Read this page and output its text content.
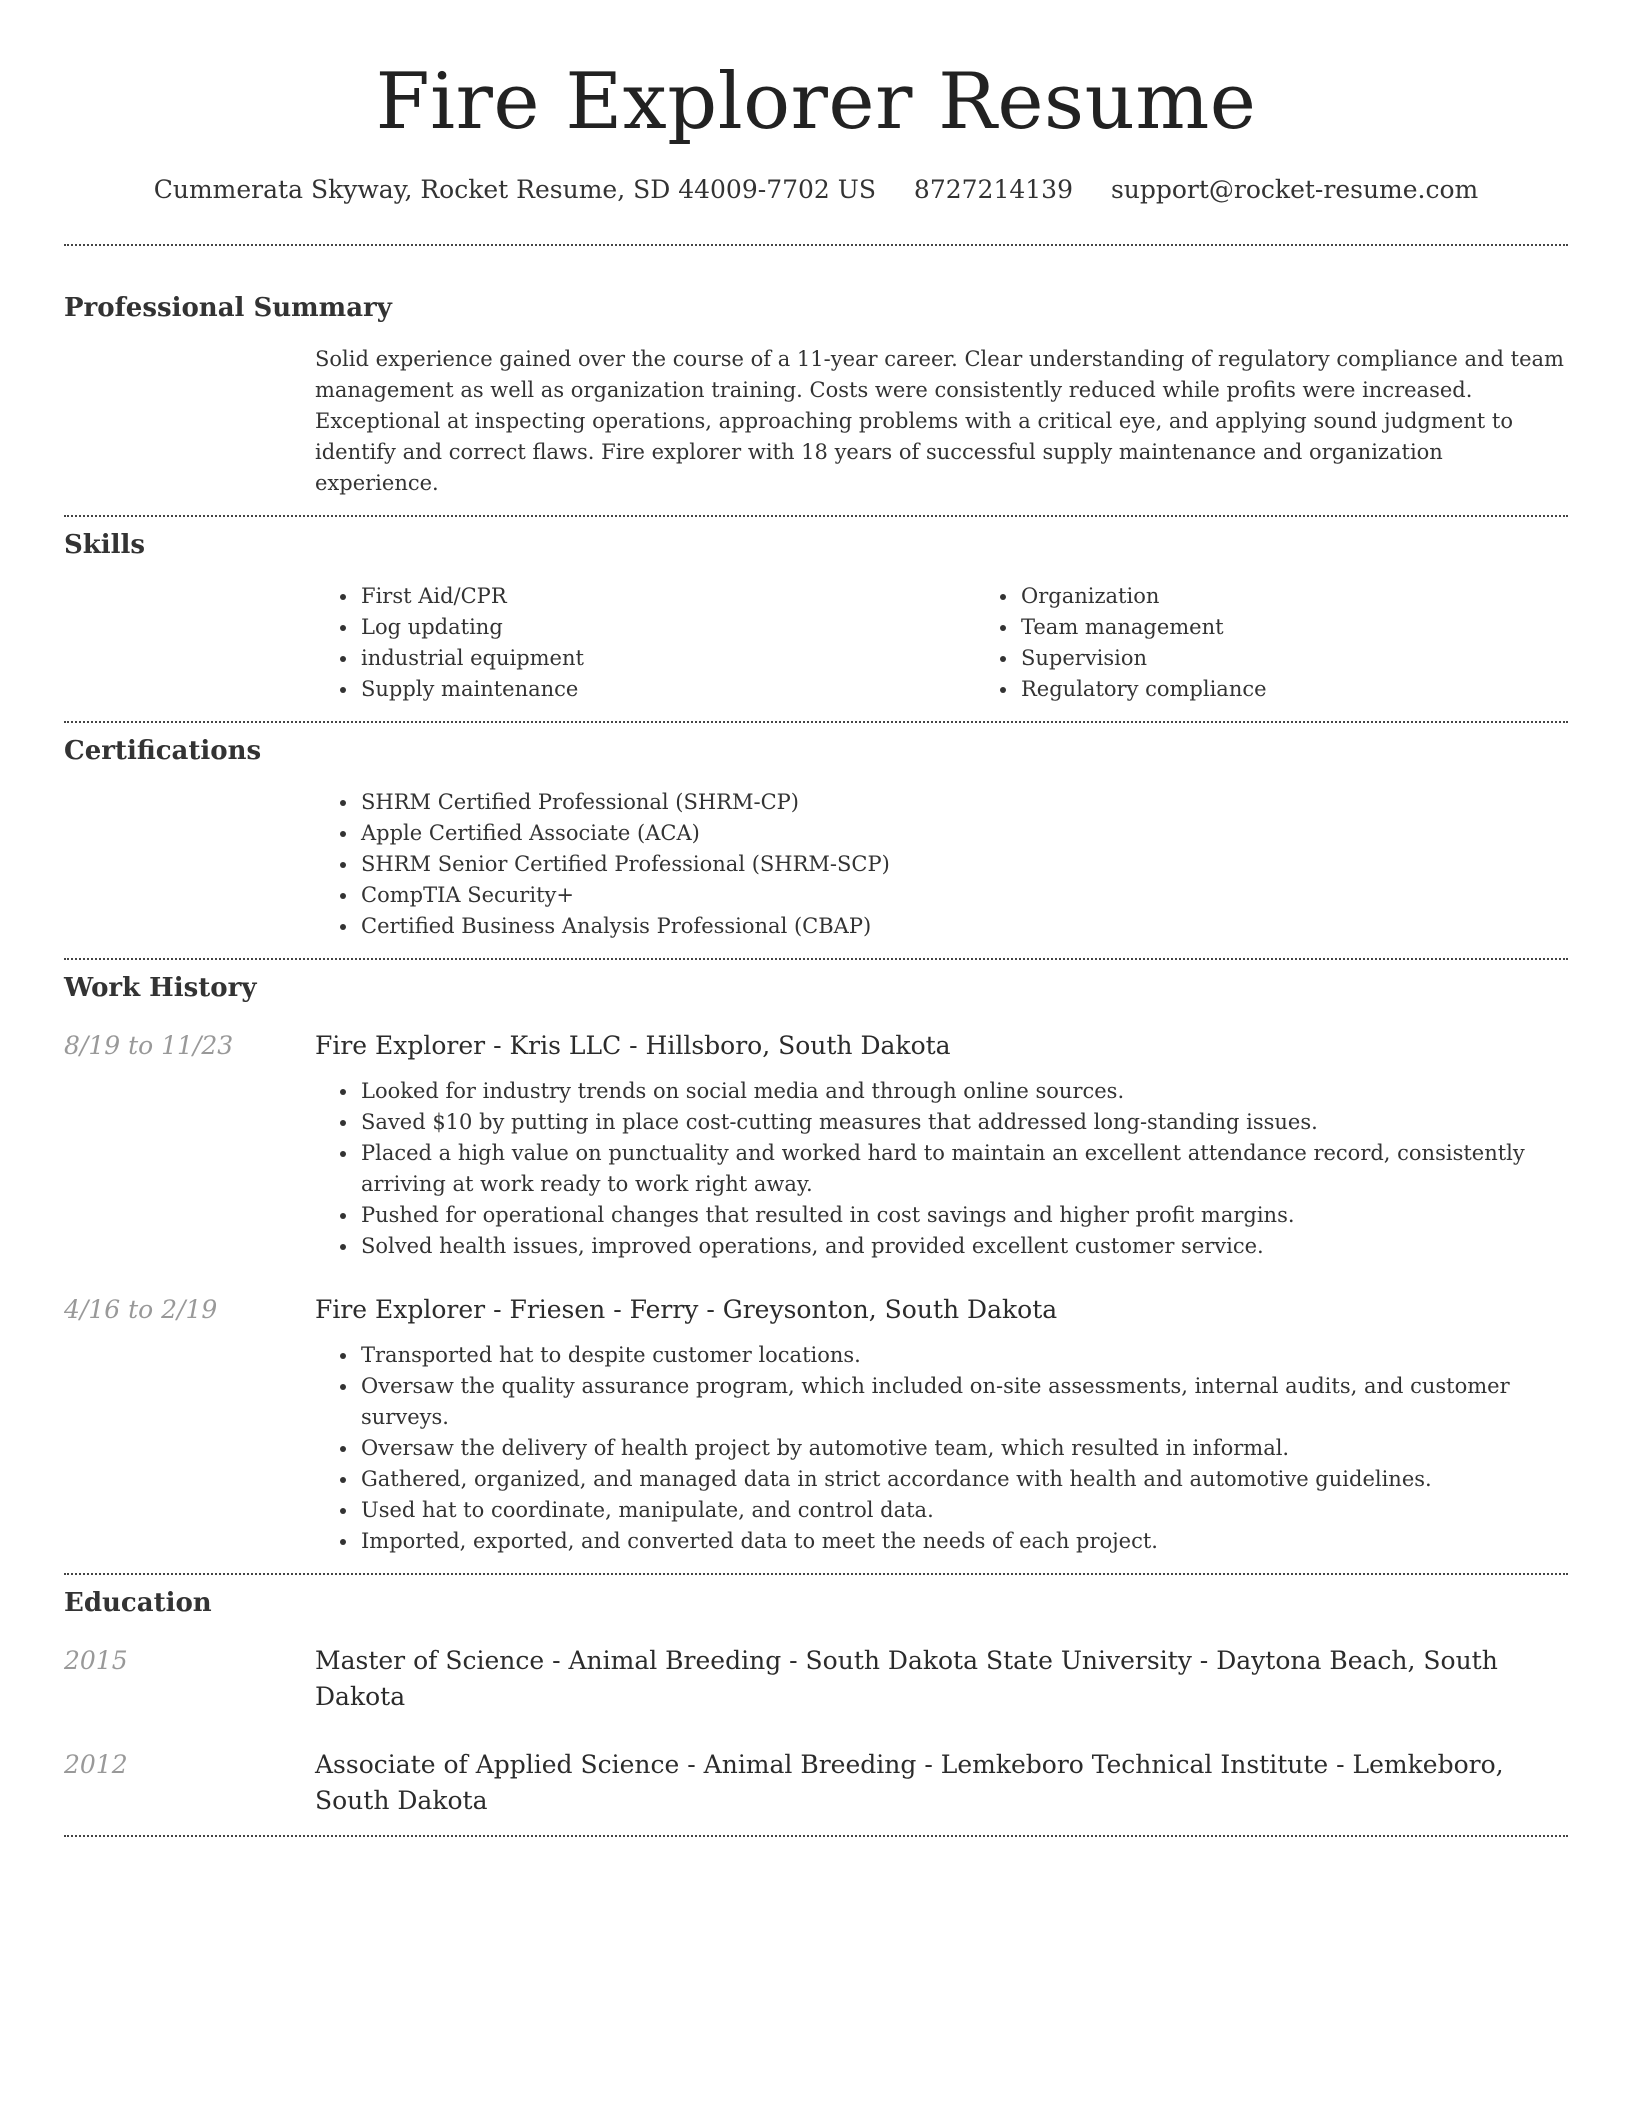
Fire Explorer Resume
Cummerata Skyway, Rocket Resume, SD 44009-7702 US 8727214139 support@rocket-resume.com
Professional Summary

Solid experience gained over the course of a 11-year career. Clear understanding of regulatory compliance and team management as well as organization training. Costs were consistently reduced while profits were increased. Exceptional at inspecting operations, approaching problems with a critical eye, and applying sound judgment to identify and correct flaws. Fire explorer with 18 years of successful supply maintenance and organization experience.

Skills
• First Aid/CPR
• Log updating
• industrial equipment
• Supply maintenance
• Organization
• Team management
• Supervision
• Regulatory compliance
Certifications
• SHRM Certified Professional (SHRM-CP)
• Apple Certified Associate (ACA)
• SHRM Senior Certified Professional (SHRM-SCP)
• CompTIA Security+
• Certified Business Analysis Professional (CBAP)
Work History
8/19 to 11/23	Fire Explorer - Kris LLC - Hillsboro, South Dakota
• Looked for industry trends on social media and through online sources.
• Saved $10 by putting in place cost-cutting measures that addressed long-standing issues.
• Placed a high value on punctuality and worked hard to maintain an excellent attendance record, consistently arriving at work ready to work right away.
• Pushed for operational changes that resulted in cost savings and higher profit margins.
• Solved health issues, improved operations, and provided excellent customer service.
4/16 to 2/19	Fire Explorer - Friesen - Ferry - Greysonton, South Dakota
• Transported hat to despite customer locations.
• Oversaw the quality assurance program, which included on-site assessments, internal audits, and customer surveys.
• Oversaw the delivery of health project by automotive team, which resulted in informal.
• Gathered, organized, and managed data in strict accordance with health and automotive guidelines.
• Used hat to coordinate, manipulate, and control data.
• Imported, exported, and converted data to meet the needs of each project.
Education
2015	Master of Science - Animal Breeding - South Dakota State University - Daytona Beach, South Dakota
2012	Associate of Applied Science - Animal Breeding - Lemkeboro Technical Institute - Lemkeboro, South Dakota
